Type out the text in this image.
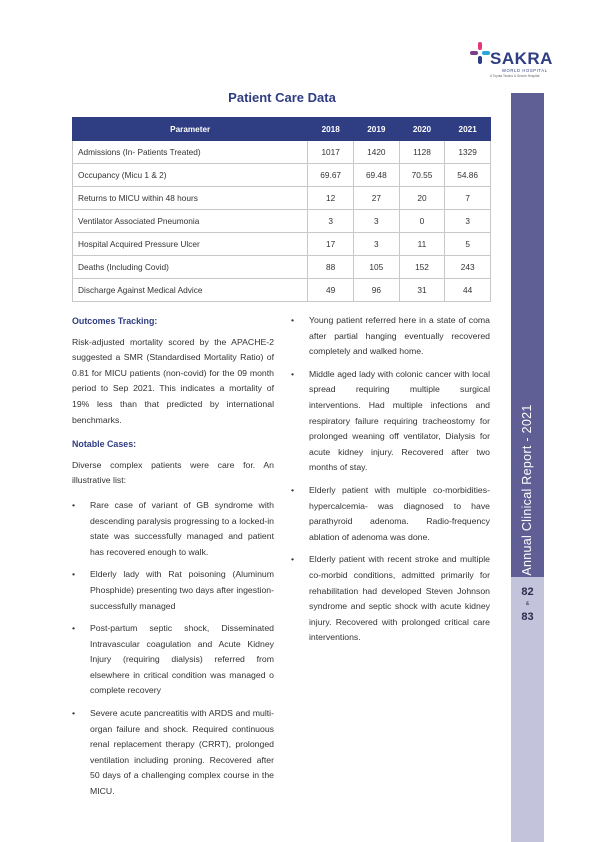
SAKRA
WORLD HOSPITAL
A Toyota Tsusho & Secom Hospital
Annual Clinical Report - 2021
82
&
83
Patient Care Data
Parameter	2018	2019	2020	2021
Admissions (In- Patients Treated)	1017	1420	1128	1329
Occupancy (Micu 1 & 2)	69.67	69.48	70.55	54.86
Returns to MICU within 48 hours	12	27	20	7
Ventilator Associated Pneumonia	3	3	0	3
Hospital Acquired Pressure Ulcer	17	3	11	5
Deaths (Including Covid)	88	105	152	243
Discharge Against Medical Advice	49	96	31	44
Outcomes Tracking:

Risk-adjusted mortality scored by the APACHE-2 suggested a SMR (Standardised Mortality Ratio) of 0.81 for MICU patients (non-covid) for the 09 month period to Sep 2021. This indicates a mortality of 19% less than that predicted by international benchmarks.

Notable Cases:

Diverse complex patients were care for. An illustrative list:

• Rare case of variant of GB syndrome with descending paralysis progressing to a locked-in state was successfully managed and patient has recovered enough to walk.
• Elderly lady with Rat poisoning (Aluminum Phosphide) presenting two days after ingestion- successfully managed
• Post-partum septic shock, Disseminated Intravascular coagulation and Acute Kidney Injury (requiring dialysis) referred from elsewhere in critical condition was managed o complete recovery
• Severe acute pancreatitis with ARDS and multi-organ failure and shock. Required continuous renal replacement therapy (CRRT), prolonged ventilation including proning. Recovered after 50 days of a challenging complex course in the MICU.
• Young patient referred here in a state of coma after partial hanging eventually recovered completely and walked home.
• Middle aged lady with colonic cancer with local spread requiring multiple surgical interventions. Had multiple infections and respiratory failure requiring tracheostomy for prolonged weaning off ventilator, Dialysis for acute kidney injury. Recovered after two months of stay.
• Elderly patient with multiple co-morbidities- hypercalcemia- was diagnosed to have parathyroid adenoma. Radio-frequency ablation of adenoma was done.
• Elderly patient with recent stroke and multiple co-morbid conditions, admitted primarily for rehabilitation had developed Steven Johnson syndrome and septic shock with acute kidney injury. Recovered with prolonged critical care interventions.
